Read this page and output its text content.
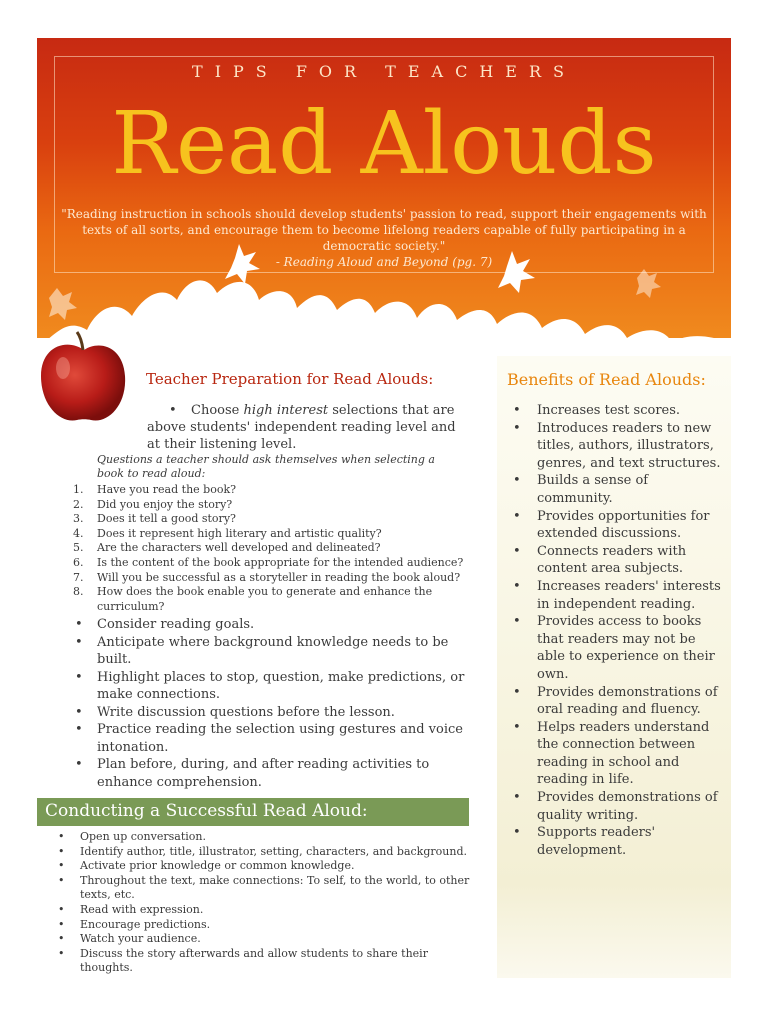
TIPS FOR TEACHERS
Read Alouds
"Reading instruction in schools should develop students' passion to read, support their engagements with texts of all sorts, and encourage them to become lifelong readers capable of fully participating in a democratic society."
- Reading Aloud and Beyond (pg. 7)
Teacher Preparation for Read Alouds:
• Choose high interest selections that are above students' independent reading level and at their listening level.
Questions a teacher should ask themselves when selecting a book to read aloud:
1.	Have you read the book?
2.	Did you enjoy the story?
3.	Does it tell a good story?
4.	Does it represent high literary and artistic quality?
5.	Are the characters well developed and delineated?
6.	Is the content of the book appropriate for the intended audience?
7.	Will you be successful as a storyteller in reading the book aloud?
8.	How does the book enable you to generate and enhance the curriculum?
• Consider reading goals.
• Anticipate where background knowledge needs to be built.
• Highlight places to stop, question, make predictions, or make connections.
• Write discussion questions before the lesson.
• Practice reading the selection using gestures and voice intonation.
• Plan before, during, and after reading activities to enhance comprehension.
Conducting a Successful Read Aloud:
• Open up conversation.
• Identify author, title, illustrator, setting, characters, and background.
• Activate prior knowledge or common knowledge.
• Throughout the text, make connections: To self, to the world, to other texts, etc.
• Read with expression.
• Encourage predictions.
• Watch your audience.
• Discuss the story afterwards and allow students to share their thoughts.
Benefits of Read Alouds:
• Increases test scores.
• Introduces readers to new titles, authors, illustrators, genres, and text structures.
• Builds a sense of community.
• Provides opportunities for extended discussions.
• Connects readers with content area subjects.
• Increases readers' interests in independent reading.
• Provides access to books that readers may not be able to experience on their own.
• Provides demonstrations of oral reading and fluency.
• Helps readers understand the connection between reading in school and reading in life.
• Provides demonstrations of quality writing.
• Supports readers' development.
